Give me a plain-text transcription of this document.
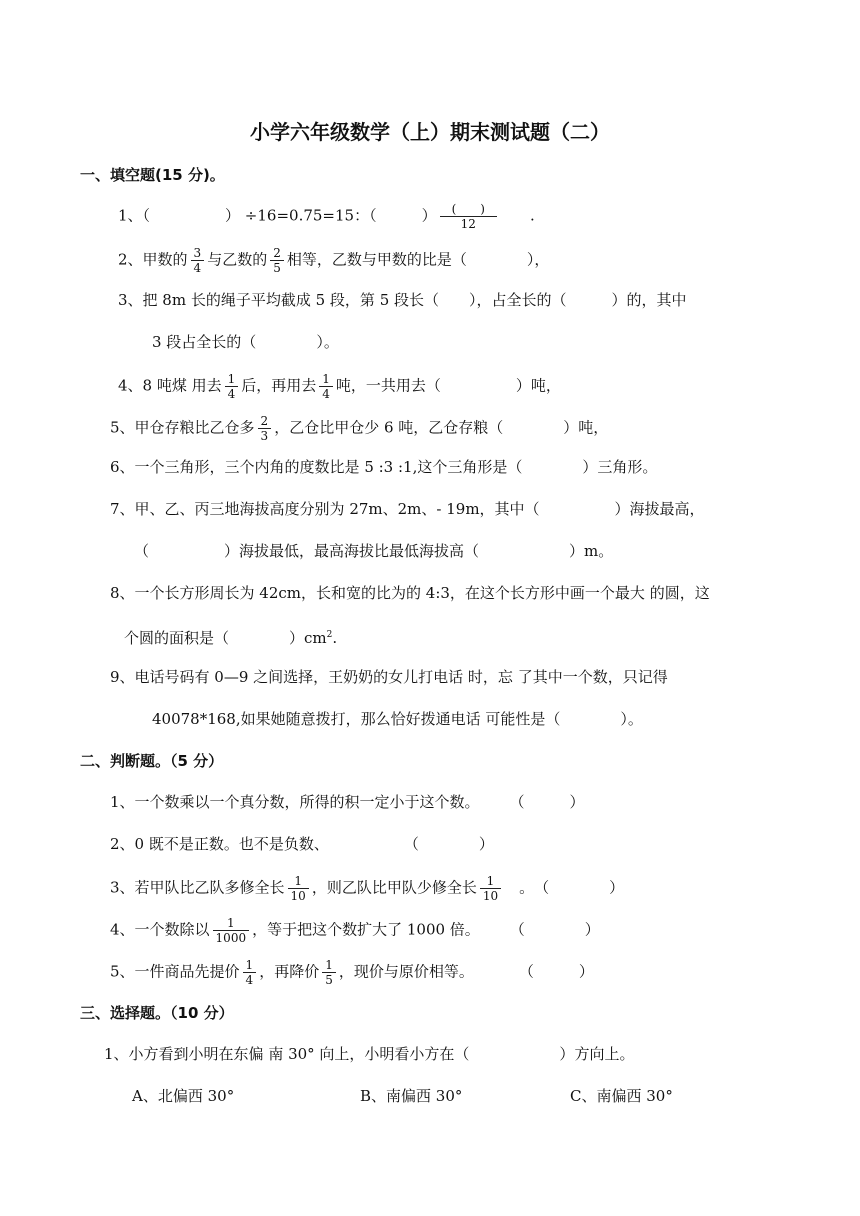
小学六年级数学（上）期末测试题（二）
一、填空题(15 分)。
1、（　　　　　） ÷16=0.75=15：（　　　） $\frac{( )}{12}$ 　　.
2、甲数的 $\frac{3}{4}$ 与乙数的 $\frac{2}{5}$ 相等，乙数与甲数的比是（　　　　），
3、把 8m 长的绳子平均截成 5 段，第 5 段长（　　），占全长的（　　　）的，其中
3 段占全长的（　　　　）。
4、8 吨煤 用去 $\frac{1}{4}$ 后，再用去 $\frac{1}{4}$ 吨，一共用去（　　　　　）吨，
5、甲仓存粮比乙仓多 $\frac{2}{3}$ ，乙仓比甲仓少 6 吨，乙仓存粮（　　　　）吨，
6、一个三角形，三个内角的度数比是 5 :3 :1,这个三角形是（　　　　）三角形。
7、甲、乙、丙三地海拔高度分别为 27m、2m、- 19m，其中（　　　　　）海拔最高，
（　　　　　）海拔最低，最高海拔比最低海拔高（　　　　　　）m。
8、一个长方形周长为 42cm，长和宽的比为的 4:3，在这个长方形中画一个最大 的圆，这
个圆的面积是（　　　　）$cm^2$.
9、电话号码有 0—9 之间选择，王奶奶的女儿打电话 时，忘 了其中一个数，只记得
40078*168,如果她随意拨打，那么恰好拨通电话 可能性是（　　　　）。
二、判断题。（5 分）
1、一个数乘以一个真分数，所得的积一定小于这个数。　　　（　　　）
2、0 既不是正数。也不是负数、　　　　　　（　　　　）
3、若甲队比乙队多修全长 $\frac{1}{10}$ ，则乙队比甲队少修全长 $\frac{1}{10}$ 　。　（　　　　）
4、一个数除以 $\frac{1}{1000}$ ，等于把这个数扩大了 1000 倍。　　　（　　　　）
5、一件商品先提价 $\frac{1}{4}$ ，再降价 $\frac{1}{5}$ ，现价与原价相等。　　　　（　　　）
三、选择题。（10 分）
1、小方看到小明在东偏 南 30° 向上，小明看小方在（　　　　　　）方向上。
A、北偏西 30°	B、南偏西 30°	C、南偏西 30°
